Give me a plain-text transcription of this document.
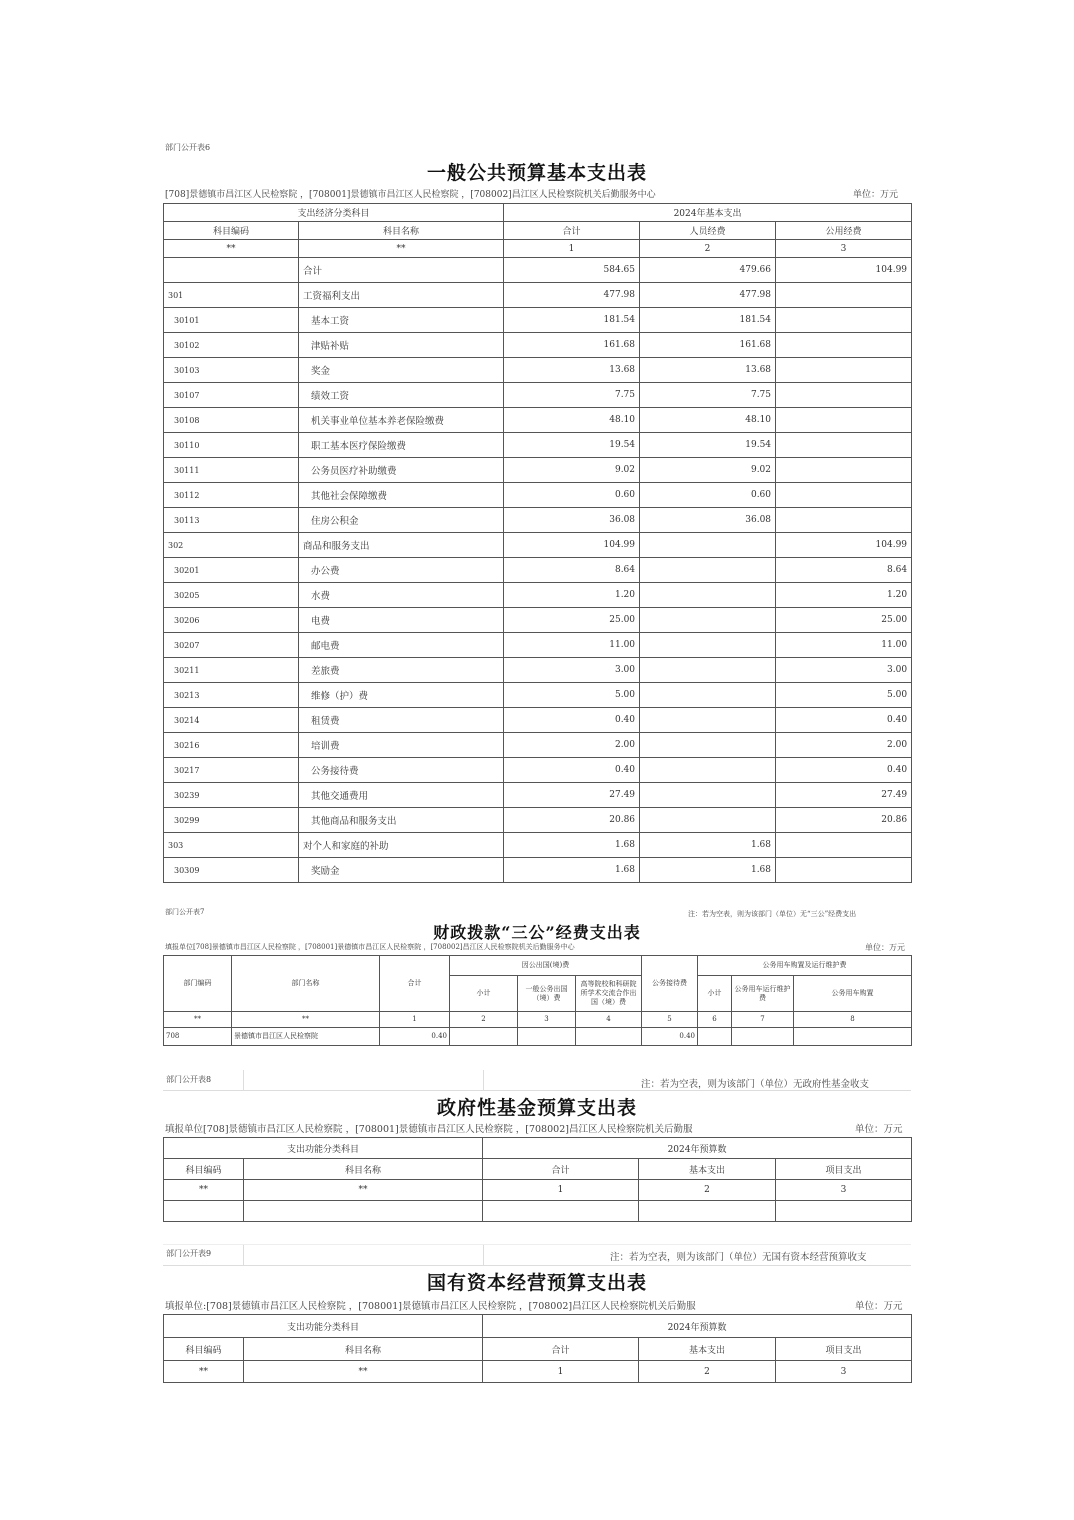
部门公开表6
一般公共预算基本支出表
[708]景德镇市昌江区人民检察院 ，[708001]景德镇市昌江区人民检察院 ，[708002]昌江区人民检察院机关后勤服务中心	单位：万元
支出经济分类科目		2024年基本支出		
科目编码	科目名称	合计	人员经费	公用经费
**	**	1	2	3
	合计	584.65	479.66	104.99
301	工资福利支出	477.98	477.98	
30101	基本工资	181.54	181.54	
30102	津贴补贴	161.68	161.68	
30103	奖金	13.68	13.68	
30107	绩效工资	7.75	7.75	
30108	机关事业单位基本养老保险缴费	48.10	48.10	
30110	职工基本医疗保险缴费	19.54	19.54	
30111	公务员医疗补助缴费	9.02	9.02	
30112	其他社会保障缴费	0.60	0.60	
30113	住房公积金	36.08	36.08	
302	商品和服务支出	104.99		104.99
30201	办公费	8.64		8.64
30205	水费	1.20		1.20
30206	电费	25.00		25.00
30207	邮电费	11.00		11.00
30211	差旅费	3.00		3.00
30213	维修（护）费	5.00		5.00
30214	租赁费	0.40		0.40
30216	培训费	2.00		2.00
30217	公务接待费	0.40		0.40
30239	其他交通费用	27.49		27.49
30299	其他商品和服务支出	20.86		20.86
303	对个人和家庭的补助	1.68	1.68	
30309	奖励金	1.68	1.68	
部门公开表7	注：若为空表，则为该部门（单位）无“三公”经费支出
财政拨款“三公”经费支出表
填报单位[708]景德镇市昌江区人民检察院 ，[708001]景德镇市昌江区人民检察院 ，[708002]昌江区人民检察院机关后勤服务中心	单位：万元
部门编码	部门名称	合计	因公出国(境)费			公务接待费	公务用车购置及运行维护费		
			小计	一般公务出国（境）费	高等院校和科研院所学术交流合作出国（境）费		小计	公务用车运行维护费	公务用车购置
**	**	1	2	3	4	5	6	7	8
708	景德镇市昌江区人民检察院	0.40				0.40			
部门公开表8	注：若为空表，则为该部门（单位）无政府性基金收支
政府性基金预算支出表
填报单位[708]景德镇市昌江区人民检察院 ，[708001]景德镇市昌江区人民检察院 ，[708002]昌江区人民检察院机关后勤服	单位：万元
支出功能分类科目		2024年预算数		
科目编码	科目名称	合计	基本支出	项目支出
**	**	1	2	3

部门公开表9	注：若为空表，则为该部门（单位）无国有资本经营预算收支
国有资本经营预算支出表
填报单位:[708]景德镇市昌江区人民检察院 ，[708001]景德镇市昌江区人民检察院 ，[708002]昌江区人民检察院机关后勤服	单位：万元
支出功能分类科目		2024年预算数		
科目编码	科目名称	合计	基本支出	项目支出
**	**	1	2	3
